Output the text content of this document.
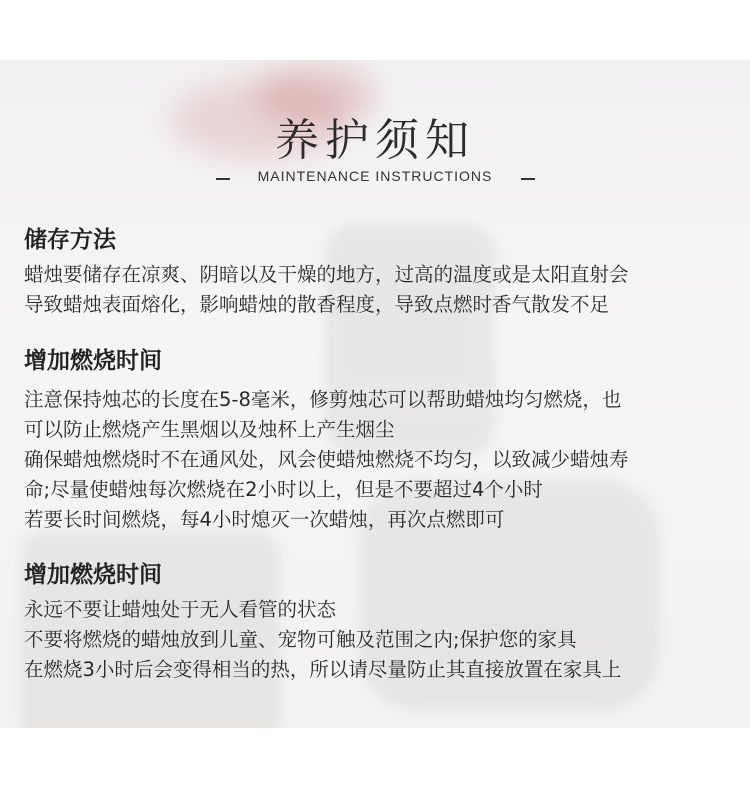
养护须知
MAINTENANCE INSTRUCTIONS
储存方法
蜡烛要储存在凉爽、阴暗以及干燥的地方，过高的温度或是太阳直射会
导致蜡烛表面熔化，影响蜡烛的散香程度，导致点燃时香气散发不足
增加燃烧时间
注意保持烛芯的长度在5-8毫米，修剪烛芯可以帮助蜡烛均匀燃烧，也
可以防止燃烧产生黑烟以及烛杯上产生烟尘
确保蜡烛燃烧时不在通风处，风会使蜡烛燃烧不均匀，以致减少蜡烛寿
命;尽量使蜡烛每次燃烧在2小时以上，但是不要超过4个小时
若要长时间燃烧，每4小时熄灭一次蜡烛，再次点燃即可
增加燃烧时间
永远不要让蜡烛处于无人看管的状态
不要将燃烧的蜡烛放到儿童、宠物可触及范围之内;保护您的家具
在燃烧3小时后会变得相当的热，所以请尽量防止其直接放置在家具上
